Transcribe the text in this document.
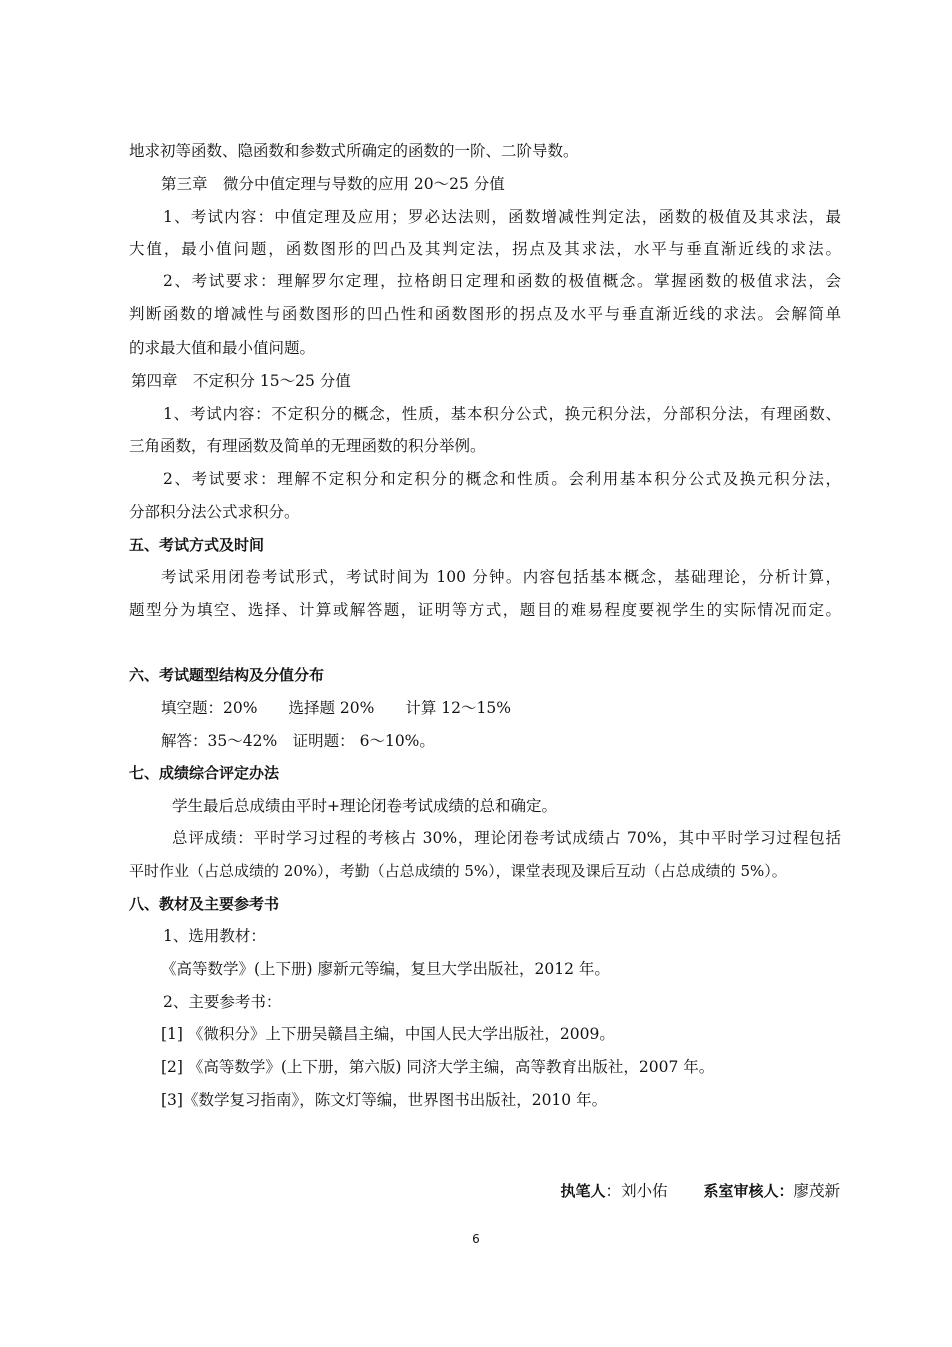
地求初等函数、隐函数和参数式所确定的函数的一阶、二阶导数。
第三章　微分中值定理与导数的应用 20～25 分值
1、考试内容：中值定理及应用；罗必达法则，函数增减性判定法，函数的极值及其求法，最
大值，最小值问题，函数图形的凹凸及其判定法，拐点及其求法，水平与垂直渐近线的求法。
2、考试要求：理解罗尔定理，拉格朗日定理和函数的极值概念。掌握函数的极值求法，会
判断函数的增减性与函数图形的凹凸性和函数图形的拐点及水平与垂直渐近线的求法。会解简单
的求最大值和最小值问题。
第四章　不定积分 15～25 分值
1、考试内容：不定积分的概念，性质，基本积分公式，换元积分法，分部积分法，有理函数、
三角函数，有理函数及简单的无理函数的积分举例。
2、考试要求：理解不定积分和定积分的概念和性质。会利用基本积分公式及换元积分法，
分部积分法公式求积分。
五、考试方式及时间
考试采用闭卷考试形式，考试时间为 100 分钟。内容包括基本概念，基础理论，分析计算，
题型分为填空、选择、计算或解答题，证明等方式，题目的难易程度要视学生的实际情况而定。
六、考试题型结构及分值分布
填空题：20%　　选择题 20%　　计算 12～15%
解答：35～42%　证明题： 6～10%。
七、成绩综合评定办法
学生最后总成绩由平时+理论闭卷考试成绩的总和确定。
总评成绩：平时学习过程的考核占 30%，理论闭卷考试成绩占 70%，其中平时学习过程包括
平时作业（占总成绩的 20%），考勤（占总成绩的 5%），课堂表现及课后互动（占总成绩的 5%）。
八、教材及主要参考书
1、选用教材：
《高等数学》(上下册) 廖新元等编，复旦大学出版社，2012 年。
2、主要参考书：
[1] 《微积分》上下册吴赣昌主编，中国人民大学出版社，2009。
[2] 《高等数学》(上下册，第六版) 同济大学主编，高等教育出版社，2007 年。
[3]《数学复习指南》，陈文灯等编，世界图书出版社，2010 年。
执笔人：刘小佑 系室审核人：廖茂新
6
